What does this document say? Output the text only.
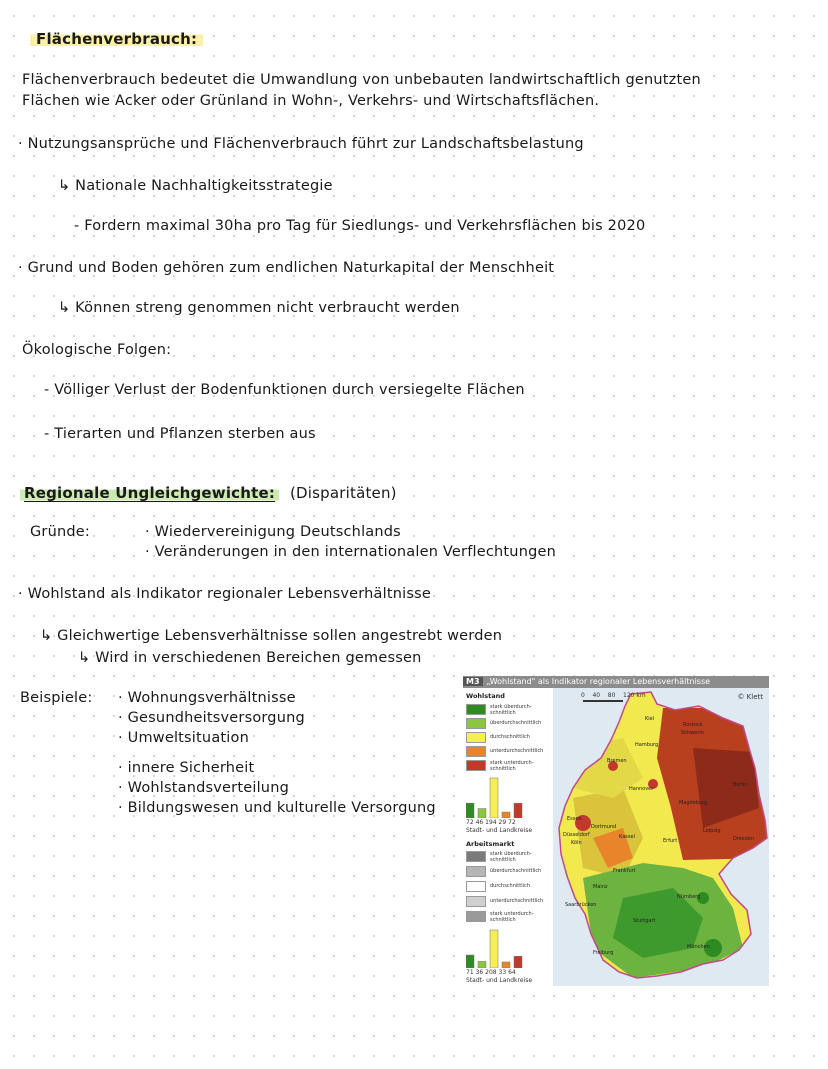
Flächenverbrauch:
Flächenverbrauch bedeutet die Umwandlung von unbebauten landwirtschaftlich genutzten
Flächen wie Acker oder Grünland in Wohn-, Verkehrs- und Wirtschaftsflächen.
· Nutzungsansprüche und Flächenverbrauch führt zur Landschaftsbelastung
↳ Nationale Nachhaltigkeitsstrategie
- Fordern maximal 30ha pro Tag für Siedlungs- und Verkehrsflächen bis 2020
· Grund und Boden gehören zum endlichen Naturkapital der Menschheit
↳ Können streng genommen nicht verbraucht werden
Ökologische Folgen:
- Völliger Verlust der Bodenfunktionen durch versiegelte Flächen
- Tierarten und Pflanzen sterben aus
Regionale Ungleichgewichte: (Disparitäten)
Gründe:	· Wiedervereinigung Deutschlands
· Veränderungen in den internationalen Verflechtungen
· Wohlstand als Indikator regionaler Lebensverhältnisse
↳ Gleichwertige Lebensverhältnisse sollen angestrebt werden
↳ Wird in verschiedenen Bereichen gemessen
Beispiele: · Wohnungsverhältnisse
· Gesundheitsversorgung
· Umweltsituation
· innere Sicherheit
· Wohlstandsverteilung
· Bildungswesen und kulturelle Versorgung
M3 „Wohlstand" als Indikator regionaler Lebensverhältnisse
Wohlstand
stark überdurch-schnittlich
überdurchschnittlich
durchschnittlich
unterdurchschnittlich
stark unterdurch-schnittlich
72 46 194 29 72
Stadt- und Landkreise
Arbeitsmarkt
stark überdurch-schnittlich
überdurchschnittlich
durchschnittlich
unterdurchschnittlich
stark unterdurch-schnittlich
71 36 208 33 64
Stadt- und Landkreise
Kiel
Rostock
Schwerin
Hamburg
Bremen
Hannover
Berlin
Magdeburg
Essen
Dortmund
Düsseldorf
Köln
Kassel
Erfurt
Leipzig
Dresden
Frankfurt
Mainz
Saarbrücken
Nürnberg
Stuttgart
Freiburg
München
0 40 80 120 km	© Klett
